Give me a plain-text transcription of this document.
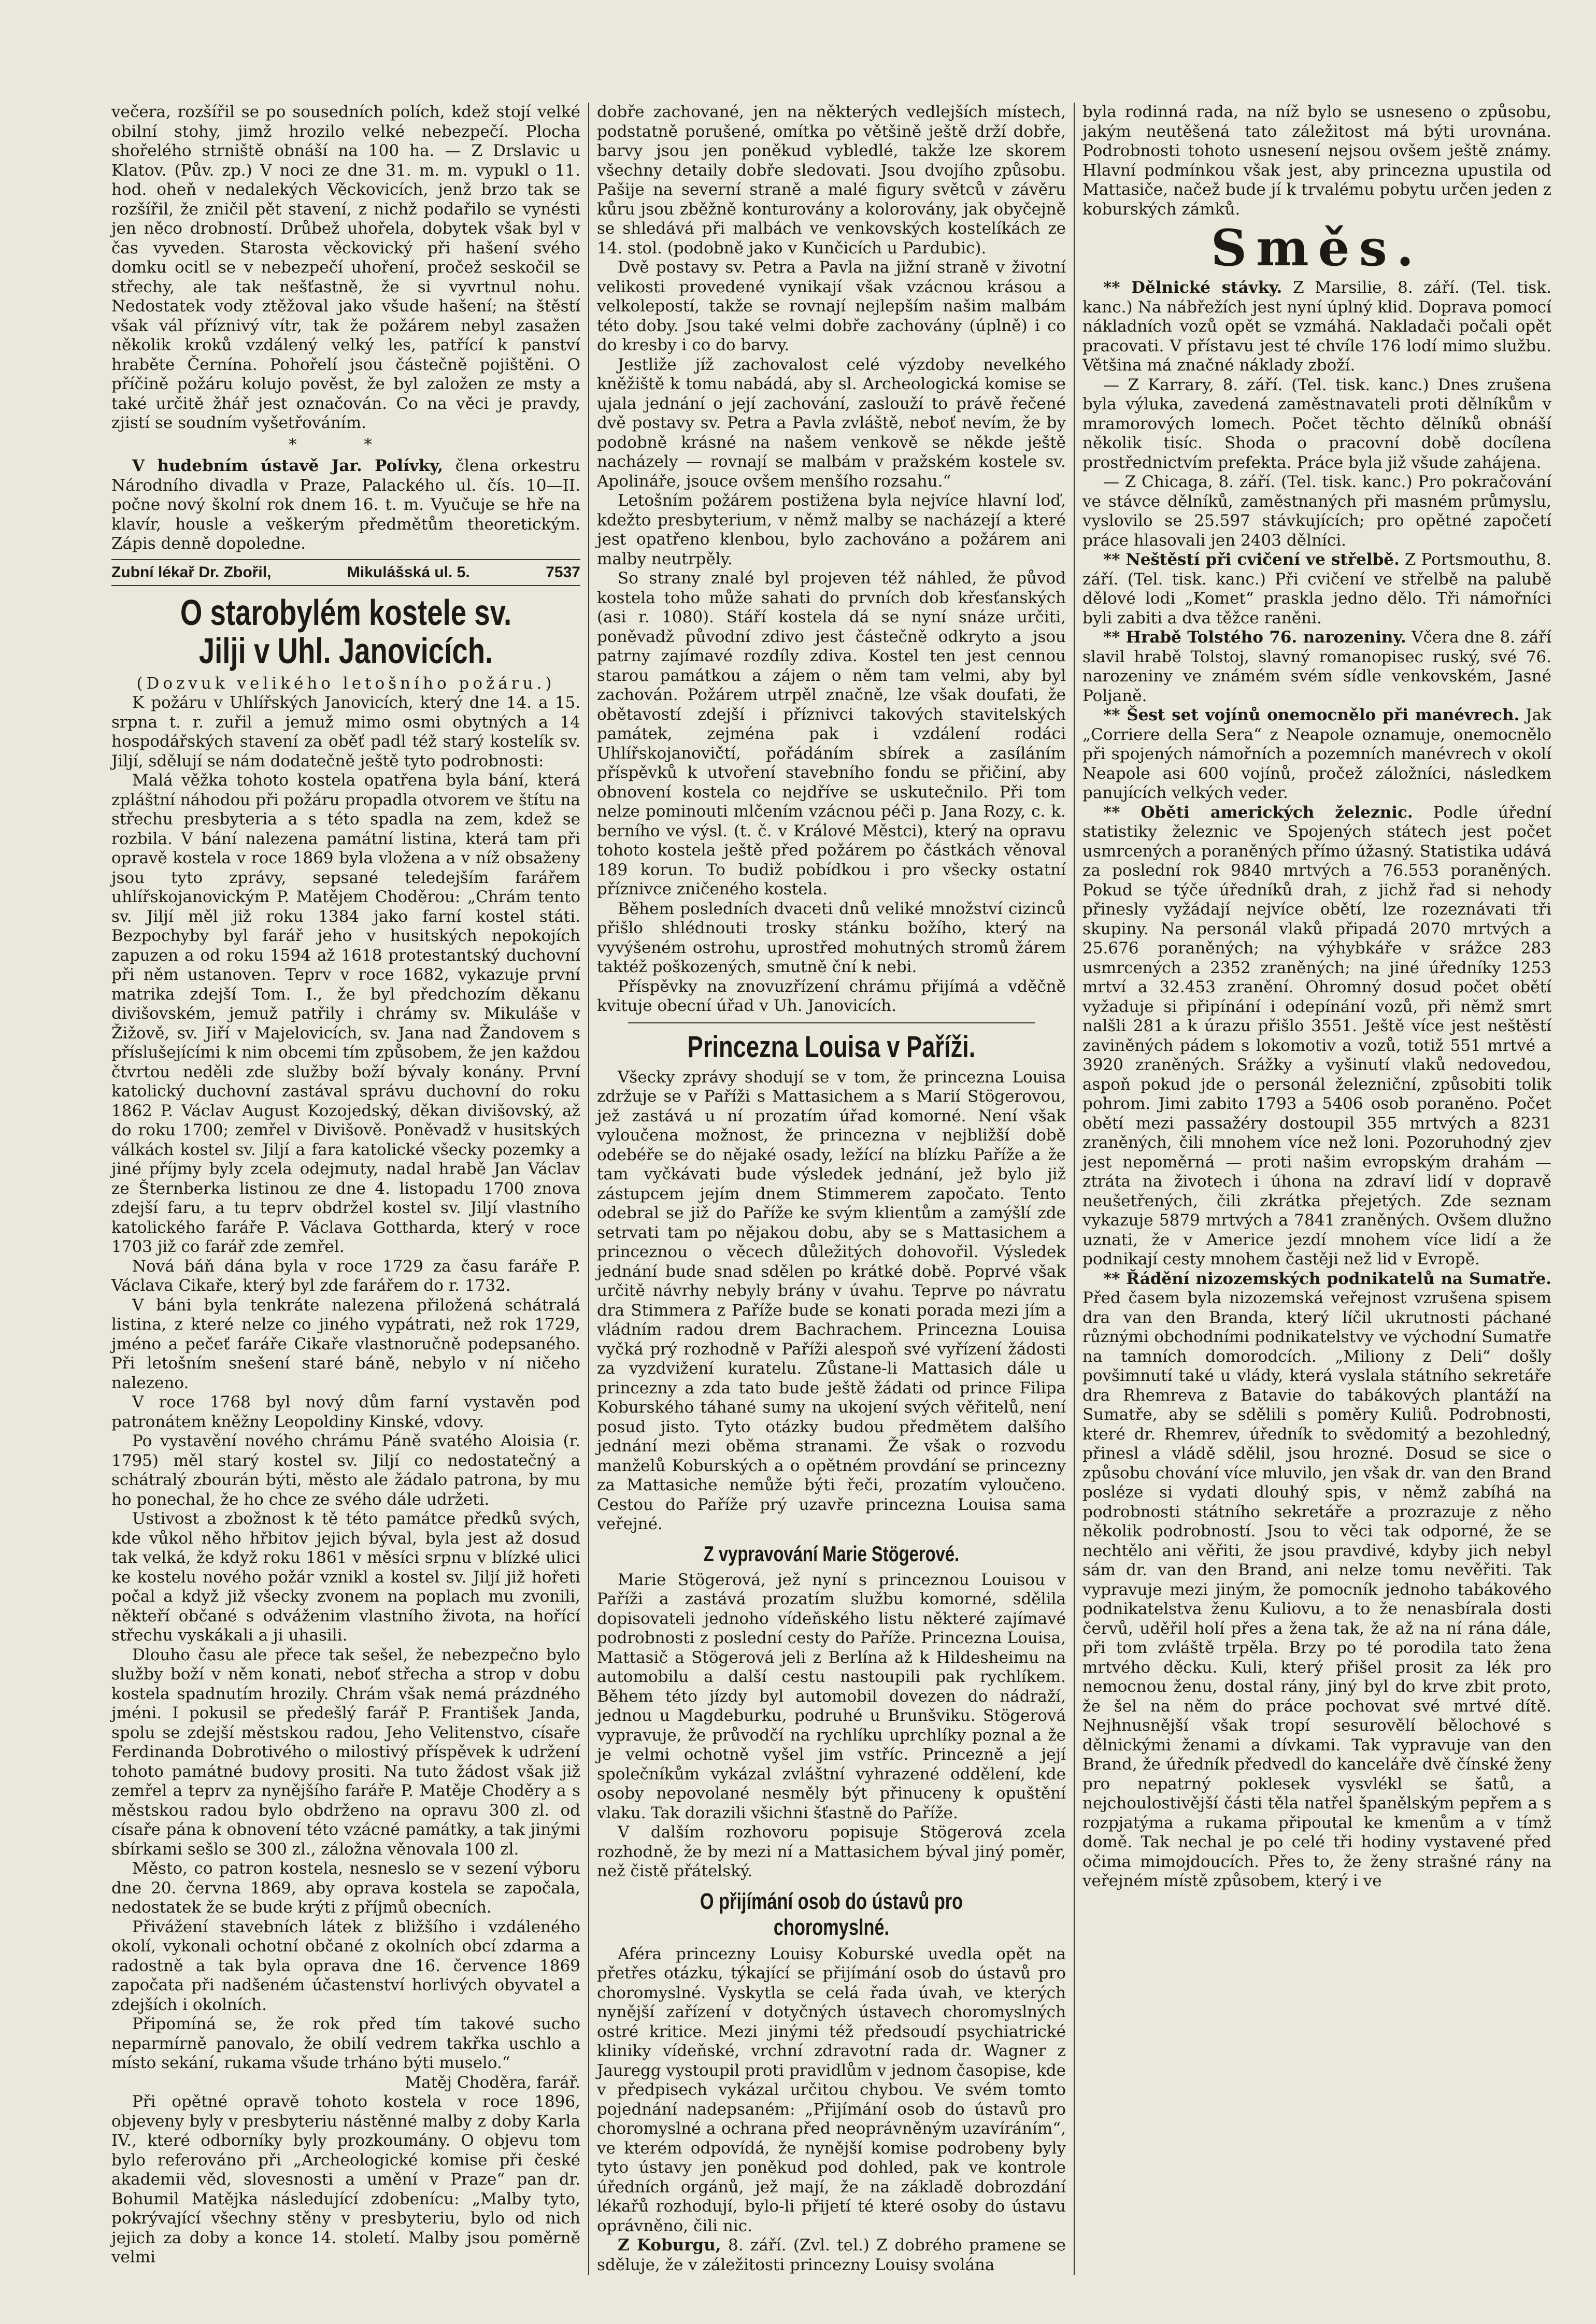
večera, rozšířil se po sousedních polích, kdež stojí velké obilní stohy, jimž hrozilo velké nebezpečí. Plocha shořelého strniště obnáší na 100 ha. — Z Drslavic u Klatov. (Pův. zp.) V noci ze dne 31. m. m. vypukl o 11. hod. oheň v nedalekých Věckovicích, jenž brzo tak se rozšířil, že zničil pět stavení, z nichž podařilo se vynésti jen něco drobností. Drůbež uhořela, dobytek však byl v čas vyveden. Starosta věckovický při hašení svého domku ocitl se v nebezpečí uhoření, pročež seskočil se střechy, ale tak nešťastně, že si vyvrtnul nohu. Nedostatek vody ztěžoval jako všude hašení; na štěstí však vál příznivý vítr, tak že požárem nebyl zasažen několik kroků vzdálený velký les, patřící k panství hraběte Černína. Pohořelí jsou částečně pojištěni. O příčině požáru kolujo pověst, že byl založen ze msty a také určitě žhář jest označován. Co na věci je pravdy, zjistí se soudním vyšetřováním.

* *

V hudebním ústavě Jar. Polívky, člena orkestru Národního divadla v Praze, Palackého ul. čís. 10—II. počne nový školní rok dnem 16. t. m. Vyučuje se hře na klavír, housle a veškerým předmětům theoretickým. Zápis denně dopoledne.

Zubní lékař Dr. Zbořil,	Mikulášská ul. 5.	7537
O starobylém kostele sv. Jilji v Uhl. Janovicích.

(Dozvuk velikého letošního požáru.)

K požáru v Uhlířských Janovicích, který dne 14. a 15. srpna t. r. zuřil a jemuž mimo osmi obytných a 14 hospodářských stavení za oběť padl též starý kostelík sv. Jiljí, sdělují se nám dodatečně ještě tyto podrobnosti:

Malá věžka tohoto kostela opatřena byla bání, která zpláštní náhodou při požáru propadla otvorem ve štítu na střechu presbyteria a s této spadla na zem, kdež se rozbila. V bání nalezena památní listina, která tam při opravě kostela v roce 1869 byla vložena a v níž obsaženy jsou tyto zprávy, sepsané teledejším farářem uhlířskojanovickým P. Matějem Choděrou: „Chrám tento sv. Jiljí měl již roku 1384 jako farní kostel státi. Bezpochyby byl farář jeho v husitských nepokojích zapuzen a od roku 1594 až 1618 protestantský duchovní při něm ustanoven. Teprv v roce 1682, vykazuje první matrika zdejší Tom. I., že byl předchozím děkanu divišovském, jemuž patřily i chrámy sv. Mikuláše v Žižově, sv. Jiří v Majelovicích, sv. Jana nad Žandovem s příslušejícími k nim obcemi tím způsobem, že jen každou čtvrtou neděli zde služby boží bývaly konány. První katolický duchovní zastával správu duchovní do roku 1862 P. Václav August Kozojedský, děkan divišovský, až do roku 1700; zemřel v Divišově. Poněvadž v husitských válkách kostel sv. Jiljí a fara katolické všecky pozemky a jiné příjmy byly zcela odejmuty, nadal hrabě Jan Václav ze Šternberka listinou ze dne 4. listopadu 1700 znova zdejší faru, a tu teprv obdržel kostel sv. Jiljí vlastního katolického faráře P. Václava Gottharda, který v roce 1703 již co farář zde zemřel.

Nová báň dána byla v roce 1729 za času faráře P. Václava Cikaře, který byl zde farářem do r. 1732.

V báni byla tenkráte nalezena přiložená schátralá listina, z které nelze co jiného vypátrati, než rok 1729, jméno a pečeť faráře Cikaře vlastnoručně podepsaného. Při letošním snešení staré báně, nebylo v ní ničeho nalezeno.

V roce 1768 byl nový dům farní vystavěn pod patronátem kněžny Leopoldiny Kinské, vdovy.

Po vystavění nového chrámu Páně svatého Aloisia (r. 1795) měl starý kostel sv. Jiljí co nedostatečný a schátralý zbourán býti, město ale žádalo patrona, by mu ho ponechal, že ho chce ze svého dále udržeti.

Ustivost a zbožnost k tě této památce předků svých, kde vůkol něho hřbitov jejich býval, byla jest až dosud tak velká, že když roku 1861 v měsíci srpnu v blízké ulici ke kostelu nového požár vznikl a kostel sv. Jiljí již hořeti počal a když již všecky zvonem na poplach mu zvonili, někteří občané s odváženim vlastního života, na hořící střechu vyskákali a ji uhasili.

Dlouho času ale přece tak sešel, že nebezpečno bylo služby boží v něm konati, neboť střecha a strop v dobu kostela spadnutím hrozily. Chrám však nemá prázdného jméni. I pokusil se předešlý farář P. František Janda, spolu se zdejší městskou radou, Jeho Velitenstvo, císaře Ferdinanda Dobrotivého o milostivý příspěvek k udržení tohoto památné budovy prositi. Na tuto žádost však již zemřel a teprv za nynějšího faráře P. Matěje Choděry a s městskou radou bylo obdrženo na opravu 300 zl. od císaře pána k obnovení této vzácné památky, a tak jinými sbírkami sešlo se 300 zl., záložna věnovala 100 zl.

Město, co patron kostela, nesneslo se v sezení výboru dne 20. června 1869, aby oprava kostela se započala, nedostatek že se bude krýti z příjmů obecních.

Přivážení stavebních látek z bližšího i vzdáleného okolí, vykonali ochotní občané z okolních obcí zdarma a radostně a tak byla oprava dne 16. července 1869 započata při nadšeném účastenství horlivých obyvatel a zdejších i okolních.

Připomíná se, že rok před tím takové sucho neparmírně panovalo, že obilí vedrem takřka uschlo a místo sekání, rukama všude trháno býti muselo.“

Matěj Choděra, farář.

Při opětné opravě tohoto kostela v roce 1896, objeveny byly v presbyteriu nástěnné malby z doby Karla IV., které odborníky byly prozkoumány. O objevu tom bylo referováno při „Archeologické komise při české akademii věd, slovesnosti a umění v Praze“ pan dr. Bohumil Matějka následující zdobenícu: „Malby tyto, pokrývající všechny stěny v presbyteriu, bylo od nich jejich za doby a konce 14. století. Malby jsou poměrně velmi

dobře zachované, jen na některých vedlejších místech, podstatně porušené, omítka po většině ještě drží dobře, barvy jsou jen poněkud vybledlé, takže lze skorem všechny detaily dobře sledovati. Jsou dvojího způsobu. Pašije na severní straně a malé figury světců v závěru kůru jsou zběžně konturovány a kolorovány, jak obyčejně se shledává při malbách ve venkovských kostelíkách ze 14. stol. (podobně jako v Kunčicích u Pardubic).

Dvě postavy sv. Petra a Pavla na jižní straně v životní velikosti provedené vynikají však vzácnou krásou a velkolepostí, takže se rovnají nejlepším našim malbám této doby. Jsou také velmi dobře zachovány (úplně) i co do kresby i co do barvy.

Jestliže jíž zachovalost celé výzdoby nevelkého kněžiště k tomu nabádá, aby sl. Archeologická komise se ujala jednání o její zachování, zaslouží to právě řečené dvě postavy sv. Petra a Pavla zvláště, neboť nevím, že by podobně krásné na našem venkově se někde ještě nacházely — rovnají se malbám v pražském kostele sv. Apolináře, jsouce ovšem menšího rozsahu.“

Letošním požárem postižena byla nejvíce hlavní loď, kdežto presbyterium, v němž malby se nacházejí a které jest opatřeno klenbou, bylo zachováno a požárem ani malby neutrpěly.

So strany znalé byl projeven též náhled, že původ kostela toho může sahati do prvních dob křesťanských (asi r. 1080). Stáří kostela dá se nyní snáze určiti, poněvadž původní zdivo jest částečně odkryto a jsou patrny zajímavé rozdíly zdiva. Kostel ten jest cennou starou památkou a zájem o něm tam velmi, aby byl zachován. Požárem utrpěl značně, lze však doufati, že obětavostí zdejší i příznivci takových stavitelských památek, zejména pak i vzdálení rodáci Uhlířskojanovičtí, pořádáním sbírek a zasíláním příspěvků k utvoření stavebního fondu se přičiní, aby obnovení kostela co nejdříve se uskutečnilo. Při tom nelze pominouti mlčením vzácnou péči p. Jana Rozy, c. k. berního ve výsl. (t. č. v Králové Městci), který na opravu tohoto kostela ještě před požárem po částkách věnoval 189 korun. To budiž pobídkou i pro všecky ostatní příznivce zničeného kostela.

Během posledních dvaceti dnů veliké množství cizinců přišlo shlédnouti trosky stánku božího, který na vyvýšeném ostrohu, uprostřed mohutných stromů žárem taktéž poškozených, smutně ční k nebi.

Příspěvky na znovuzřízení chrámu přijímá a vděčně kvituje obecní úřad v Uh. Janovicích.

Princezna Louisa v Paříži.

Všecky zprávy shodují se v tom, že princezna Louisa zdržuje se v Paříži s Mattasichem a s Marií Stögerovou, jež zastává u ní prozatím úřad komorné. Není však vyloučena možnost, že princezna v nejbližší době odebéře se do nějaké osady, ležící na blízku Paříže a že tam vyčkávati bude výsledek jednání, jež bylo již zástupcem jejím dnem Stimmerem započato. Tento odebral se již do Paříže ke svým klientům a zamýšlí zde setrvati tam po nějakou dobu, aby se s Mattasichem a princeznou o věcech důležitých dohovořil. Výsledek jednání bude snad sdělen po krátké době. Poprvé však určitě návrhy nebyly brány v úvahu. Teprve po návratu dra Stimmera z Paříže bude se konati porada mezi jím a vládním radou drem Bachrachem. Princezna Louisa vyčká prý rozhodně v Paříži alespoň své vyřízení žádosti za vyzdvižení kuratelu. Zůstane-li Mattasich dále u princezny a zda tato bude ještě žádati od prince Filipa Koburského táhané sumy na ukojení svých věřitelů, není posud jisto. Tyto otázky budou předmětem dalšího jednání mezi oběma stranami. Že však o rozvodu manželů Koburských a o opětném provdání se princezny za Mattasiche nemůže býti řeči, prozatím vyloučeno. Cestou do Paříže prý uzavře princezna Louisa sama veřejné.

Z vypravování Marie Stögerové.

Marie Stögerová, jež nyní s princeznou Louisou v Paříži a zastává prozatím službu komorné, sdělila dopisovateli jednoho vídeňského listu některé zajímavé podrobnosti z poslední cesty do Paříže. Princezna Louisa, Mattasič a Stögerová jeli z Berlína až k Hildesheimu na automobilu a další cestu nastoupili pak rychlíkem. Během této jízdy byl automobil dovezen do nádraží, jednou u Magdeburku, podruhé u Brunšviku. Stögerová vypravuje, že průvodčí na rychlíku uprchlíky poznal a že je velmi ochotně vyšel jim vstříc. Princezně a její společníkům vykázal zvláštní vyhrazené oddělení, kde osoby nepovolané nesměly být přinuceny k opuštění vlaku. Tak dorazili všichni šťastně do Paříže.

V dalším rozhovoru popisuje Stögerová zcela rozhodně, že by mezi ní a Mattasichem býval jiný poměr, než čistě přátelský.

O přijímání osob do ústavů pro choromyslné.

Aféra princezny Louisy Koburské uvedla opět na přetřes otázku, týkající se přijímání osob do ústavů pro choromyslné. Vyskytla se celá řada úvah, ve kterých nynější zařízení v dotyčných ústavech choromyslných ostré kritice. Mezi jinými též předsoudí psychiatrické kliniky vídeňské, vrchní zdravotní rada dr. Wagner z Jauregg vystoupil proti pravidlům v jednom časopise, kde v předpisech vykázal určitou chybou. Ve svém tomto pojednání nadepsaném: „Přijímání osob do ústavů pro choromyslné a ochrana před neoprávněným uzavíráním“, ve kterém odpovídá, že nynější komise podrobeny byly tyto ústavy jen poněkud pod dohled, pak ve kontrole úředních orgánů, jež mají, že na základě dobrozdání lékařů rozhodují, bylo-li přijetí té které osoby do ústavu oprávněno, čili nic.

Z Koburgu, 8. září. (Zvl. tel.) Z dobrého pramene se sděluje, že v záležitosti princezny Louisy svolána

byla rodinná rada, na níž bylo se usneseno o způsobu, jakým neutěšená tato záležitost má býti urovnána. Podrobnosti tohoto usnesení nejsou ovšem ještě známy. Hlavní podmínkou však jest, aby princezna upustila od Mattasiče, načež bude jí k trvalému pobytu určen jeden z koburských zámků.

Směs.

** Dělnické stávky. Z Marsilie, 8. září. (Tel. tisk. kanc.) Na nábřežích jest nyní úplný klid. Doprava pomocí nákladních vozů opět se vzmáhá. Nakladači počali opět pracovati. V přístavu jest té chvíle 176 lodí mimo službu. Většina má značné náklady zboží.

— Z Karrary, 8. září. (Tel. tisk. kanc.) Dnes zrušena byla výluka, zavedená zaměstnavateli proti dělníkům v mramorových lomech. Počet těchto dělníků obnáší několik tisíc. Shoda o pracovní době docílena prostřednictvím prefekta. Práce byla již všude zahájena.

— Z Chicaga, 8. září. (Tel. tisk. kanc.) Pro pokračování ve stávce dělníků, zaměstnaných při masném průmyslu, vyslovilo se 25.597 stávkujících; pro opětné započetí práce hlasovali jen 2403 dělníci.

** Neštěstí při cvičení ve střelbě. Z Portsmouthu, 8. září. (Tel. tisk. kanc.) Při cvičení ve střelbě na palubě dělové lodi „Komet“ praskla jedno dělo. Tři námořníci byli zabiti a dva těžce raněni.

** Hrabě Tolstého 76. narozeniny. Včera dne 8. září slavil hrabě Tolstoj, slavný romanopisec ruský, své 76. narozeniny ve známém svém sídle venkovském, Jasné Poljaně.

** Šest set vojínů onemocnělo při manévrech. Jak „Corriere della Sera“ z Neapole oznamuje, onemocnělo při spojených námořních a pozemních manévrech v okolí Neapole asi 600 vojínů, pročež záložníci, následkem panujících velkých veder.

** Oběti amerických železnic. Podle úřední statistiky železnic ve Spojených státech jest počet usmrcených a poraněných přímo úžasný. Statistika udává za poslední rok 9840 mrtvých a 76.553 poraněných. Pokud se týče úředníků drah, z jichž řad si nehody přinesly vyžádají nejvíce obětí, lze rozeznávati tři skupiny. Na personál vlaků připadá 2070 mrtvých a 25.676 poraněných; na výhybkáře v srážce 283 usmrcených a 2352 zraněných; na jiné úředníky 1253 mrtví a 32.453 zranění. Ohromný dosud počet obětí vyžaduje si připínání i odepínání vozů, při němž smrt nalšli 281 a k úrazu přišlo 3551. Ještě více jest neštěstí zaviněných pádem s lokomotiv a vozů, totiž 551 mrtvé a 3920 zraněných. Srážky a vyšinutí vlaků nedovedou, aspoň pokud jde o personál železniční, způsobiti tolik pohrom. Jimi zabito 1793 a 5406 osob poraněno. Počet obětí mezi passažéry dostoupil 355 mrtvých a 8231 zraněných, čili mnohem více než loni. Pozoruhodný zjev jest nepoměrná — proti našim evropským drahám — ztráta na životech i úhona na zdraví lidí v dopravě neušetřených, čili zkrátka přejetých. Zde seznam vykazuje 5879 mrtvých a 7841 zraněných. Ovšem dlužno uznati, že v Americe jezdí mnohem více lidí a že podnikají cesty mnohem častěji než lid v Evropě.

** Řádění nizozemských podnikatelů na Sumatře. Před časem byla nizozemská veřejnost vzrušena spisem dra van den Branda, který líčil ukrutnosti páchané různými obchodními podnikatelstvy ve východní Sumatře na tamních domorodcích. „Miliony z Deli“ došly povšimnutí také u vlády, která vyslala státního sekretáře dra Rhemreva z Batavie do tabákových plantáží na Sumatře, aby se sdělili s poměry Kuliů. Podrobnosti, které dr. Rhemrev, úředník to svědomitý a bezohledný, přinesl a vládě sdělil, jsou hrozné. Dosud se sice o způsobu chování více mluvilo, jen však dr. van den Brand posléze si vydati dlouhý spis, v němž zabíhá na podrobnosti státního sekretáře a prozrazuje z něho několik podrobností. Jsou to věci tak odporné, že se nechtělo ani věřiti, že jsou pravdivé, kdyby jich nebyl sám dr. van den Brand, ani nelze tomu nevěřiti. Tak vypravuje mezi jiným, že pomocník jednoho tabákového podnikatelstva ženu Kuliovu, a to že nenasbírala dosti červů, uděřil holí přes a žena tak, že až na ní rána dále, při tom zvláště trpěla. Brzy po té porodila tato žena mrtvého děcku. Kuli, který přišel prosit za lék pro nemocnou ženu, dostal rány, jiný byl do krve zbit proto, že šel na něm do práce pochovat své mrtvé dítě. Nejhnusnější však tropí sesurovělí bělochové s dělnickými ženami a dívkami. Tak vypravuje van den Brand, že úředník předvedl do kanceláře dvě čínské ženy pro nepatrný poklesek vysvlékl se šatů, a nejchoulostivější části těla natřel španělským pepřem a s rozpjatýma a rukama připoutal ke kmenům a v tímž domě. Tak nechal je po celé tři hodiny vystavené před očima mimojdoucích. Přes to, že ženy strašné rány na veřejném místě způsobem, který i ve
